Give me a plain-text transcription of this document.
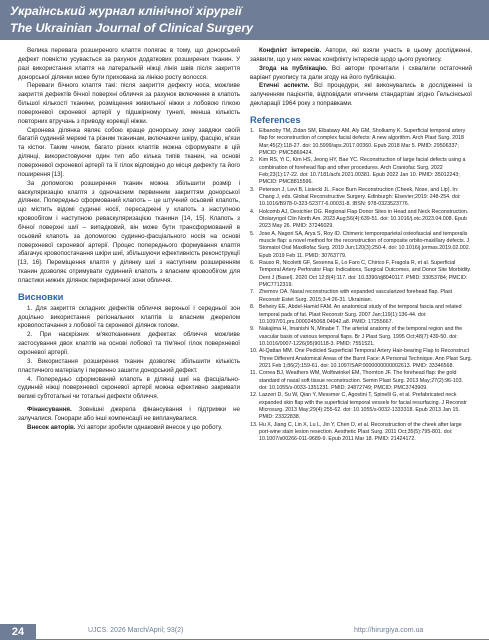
Український журнал клінічної хірургії
The Ukrainian Journal of Clinical Surgery

Велика перевага розширеного клаптя полягає в тому, що донорський дефект повністю усувається за рахунок додаткових розширених тканин. У разі використання клаптя на латеральній ніжці лінія швів після закриття донорської ділянки може бути прихована за лінією росту волосся.

Переваги бічного клаптя такі: після закриття дефекту носа, можливе закриття дефектів бічної поверхні обличчя за рахунок включення в клапоть більшої кількості тканини, розміщення живильної ніжки з лобовою гілкою поверхневої скроневої артерії у підшкірному тунелі, менша кількість повторних втручань з приводу корекції ніжки.

Скронева ділянка являє собою краще донорську зону завдяки своїй багатій судинній мережі та різним тканинам, включаючи шкіру, фасцію, м'язи та кістки. Таким чином, багато різних клаптів можна сформувати в цій ділянці, використовуючи один тип або кілька типів тканин, на основі поверхневої скроневої артерії та її гілок відповідно до місця дефекту та його поширення [13].

За допомогою розширення тканин можна збільшити розмір і васкуляризацію клаптя з одночасним первинним закриттям донорської ділянки. Попередньо сформований клапоть – це штучний осьовий клапоть, що містить відомі судинні носії, пересаджені у клапоть з наступною кровообігом і наступною реваскуляризацією тканини [14, 15]. Клапоть з бічної поверхні шиї – випадковий, він може бути трансформований в осьовий клапоть за допомогою судинно-фасціального носія на основі поверхневої скроневої артерії. Процес попереднього формування клаптя збагачує кровопостачання шкіри шиї, збільшуючи ефективність реконструкції [13, 16]. Переміщення клаптя у ділянку шиї з наступним розширенням тканин дозволяє отримувати судинний клапоть з власним кровообігом для пластики нижніх ділянок периферичної зони обличчя.

Висновки

1. Для закриття складних дефектів обличчя верхньої і середньої зон доцільно використання регіональних клаптів із власним джерелом кровопостачання з лобової та скроневої ділянок голови.

2. При наскрізних м'якотканинних дефектах обличчя можливе застосування двох клаптів на основі лобової та тім'яної гілок поверхневої скроневої артерії.

3. Використання розширення тканин дозволяє збільшити кількість пластичного матеріалу і первинно зашити донорський дефект.

4. Попередньо сформований клапоть в ділянці шиї на фасціально-судинній ніжці поверхневої скроневої артерії можна ефективно закривати великі субтотальні чи тотальні дефекти обличчя.

Фінансування. Зовнішні джерела фінансування і підтримки не залучалися. Гонорари або інші компенсації не виплачувалися.

Внесок авторів. Усі автори зробили однаковий внесок у цю роботу.

Конфлікт інтересів. Автори, які взяли участь в цьому дослідженні, заявили, що у них немає конфлікту інтересів щодо цього рукопису.

Згода на публікацію. Всі автори прочитали і схвалили остаточний варіант рукопису та дали згоду на його публікацію.

Етичні аспекти. Всі процедури, які виконувались в дослідженні із залученням пацієнтів, відповідали етичним стандартам згідно Гельсінської декларації 1964 року з поправками.

References
1. Elbanoby TM, Zidan SM, Elbatawy AM, Aly GM, Sholkamy K. Superficial temporal artery flap for reconstruction of complex facial defects: A new algorithm. Arch Plast Surg. 2018 Mar;45(2):118-27. doi: 10.5999/aps.2017.00360. Epub 2018 Mar 5. PMID: 29506337; PMCID: PMC5869424.
2. Kim RS, Yi C, Kim HS, Jeong HY, Bae YC. Reconstruction of large facial defects using a combination of forehead flap and other procedures. Arch Craniofac Surg. 2022 Feb;23(1):17-22. doi: 10.7181/acfs.2021.00381. Epub 2022 Jan 10. PMID: 35012243; PMCID: PMC8815596.
3. Peterson J, Levi B, Lisiecki JL. Face Burn Reconstruction (Cheek, Nose, and Lip). In: Chang J, eds. Global Reconstructive Surgery. Edinburgh: Elsevier;2019: 248-254. doi: 10.1016/B978-0-323-52377-6.00031-8. IBSN: 978-0323523776.
4. Holcomb AJ, Desichler DG. Regional Flap Donor Sites in Head and Neck Reconstruction. Otolaryngol Clin North Am. 2023 Aug;56(4):639-51. doi: 10.1016/j.otc.2023.04.008. Epub 2023 May 26. PMID: 37246029.
5. Jose A, Nagori SA, Arya S, Roy ID. Chimeric temporoparietal osteofascial and temporalis muscle flap: a novel method for the reconstruction of composite orbito-maxillary defects. J Stomatol Oral Maxillofac Surg. 2019 Jun;120(3):250-4. doi: 10.1016/j.jormas.2019.02.002. Epub 2019 Feb 11. PMID: 30763779.
6. Rauso R, Nicoletti GF, Sesenna E, Lo Faro C, Chirico F, Fragola R, et al. Superficial Temporal Artery Perforator Flap: Indications, Surgical Outcomes, and Donor Site Morbidity. Dent J (Basel). 2020 Oct 12;8(4):117. doi: 10.3390/dj8040117. PMID: 33053784; PMCID: PMC7712319.
7. Zhemov OA. Nasal reconstruction with expanded vascularized forehead flap. Plast Reconstr Estet Surg. 2015;3-4:26-31. Ukrainian.
8. Beheiry EE, Abdel-Hamid FAM. An anatomical study of the temporal fascia and related temporal pads of fat. Plast Reconstr Surg. 2007 Jan;119(1):136-44. doi: 10.1097/01.prs.0000245068.04942.a8. PMID: 17255667.
9. Nakajima H, Imanishi N, Minabe T. The arterial anatomy of the temporal region and the vascular basis of various temporal flaps. Br J Plast Surg. 1995 Oct;48(7):439-50. doi: 10.1016/0007-1226(95)90118-3. PMID: 7551521.
10. Al-Qattan MM. One Pedicled Superficial Temporal Artery Hair-bearing Flap to Reconstruct Three Different Anatomical Areas of the Burnt Face: A Personal Technique. Ann Plast Surg. 2021 Feb 1;86(2):159-61. doi: 10.1097/SAP.0000000000002613. PMID: 33346568.
11. Correa BJ, Weathers WM, Wolfswinkel EM, Thornton JF. The forehead flap: the gold standard of nasal soft tissue reconstruction. Semin Plast Surg. 2013 May;27(2):96-103. doi: 10.1055/s-0033-1351231. PMID: 24872749; PMCID: PMC3743909.
12. Lazzeri D, Su W, Qian Y, Messmer C, Agostini T, Spinelli G, et al. Prefabricated neck expanded skin flap with the superficial temporal vessels for facial resurfacing. J Reconstr Microsurg. 2013 May;29(4):255-62. doi: 10.1055/s-0032-1333318. Epub 2013 Jan 15. PMID: 23322838.
13. Hu X, Jiang C, Lin X, Lu L, Jin Y, Chen D, et al. Reconstruction of the cheek after large port-wine stain lesion resection. Aesthetic Plast Surg. 2011 Oct;35(5):795-801. doi: 10.1007/s00266-011-9689-9. Epub 2011 Mar 18. PMID: 21424172.
24	UJCS. 2026 March/April; 93(2)	http://hirurgiya.com.ua
